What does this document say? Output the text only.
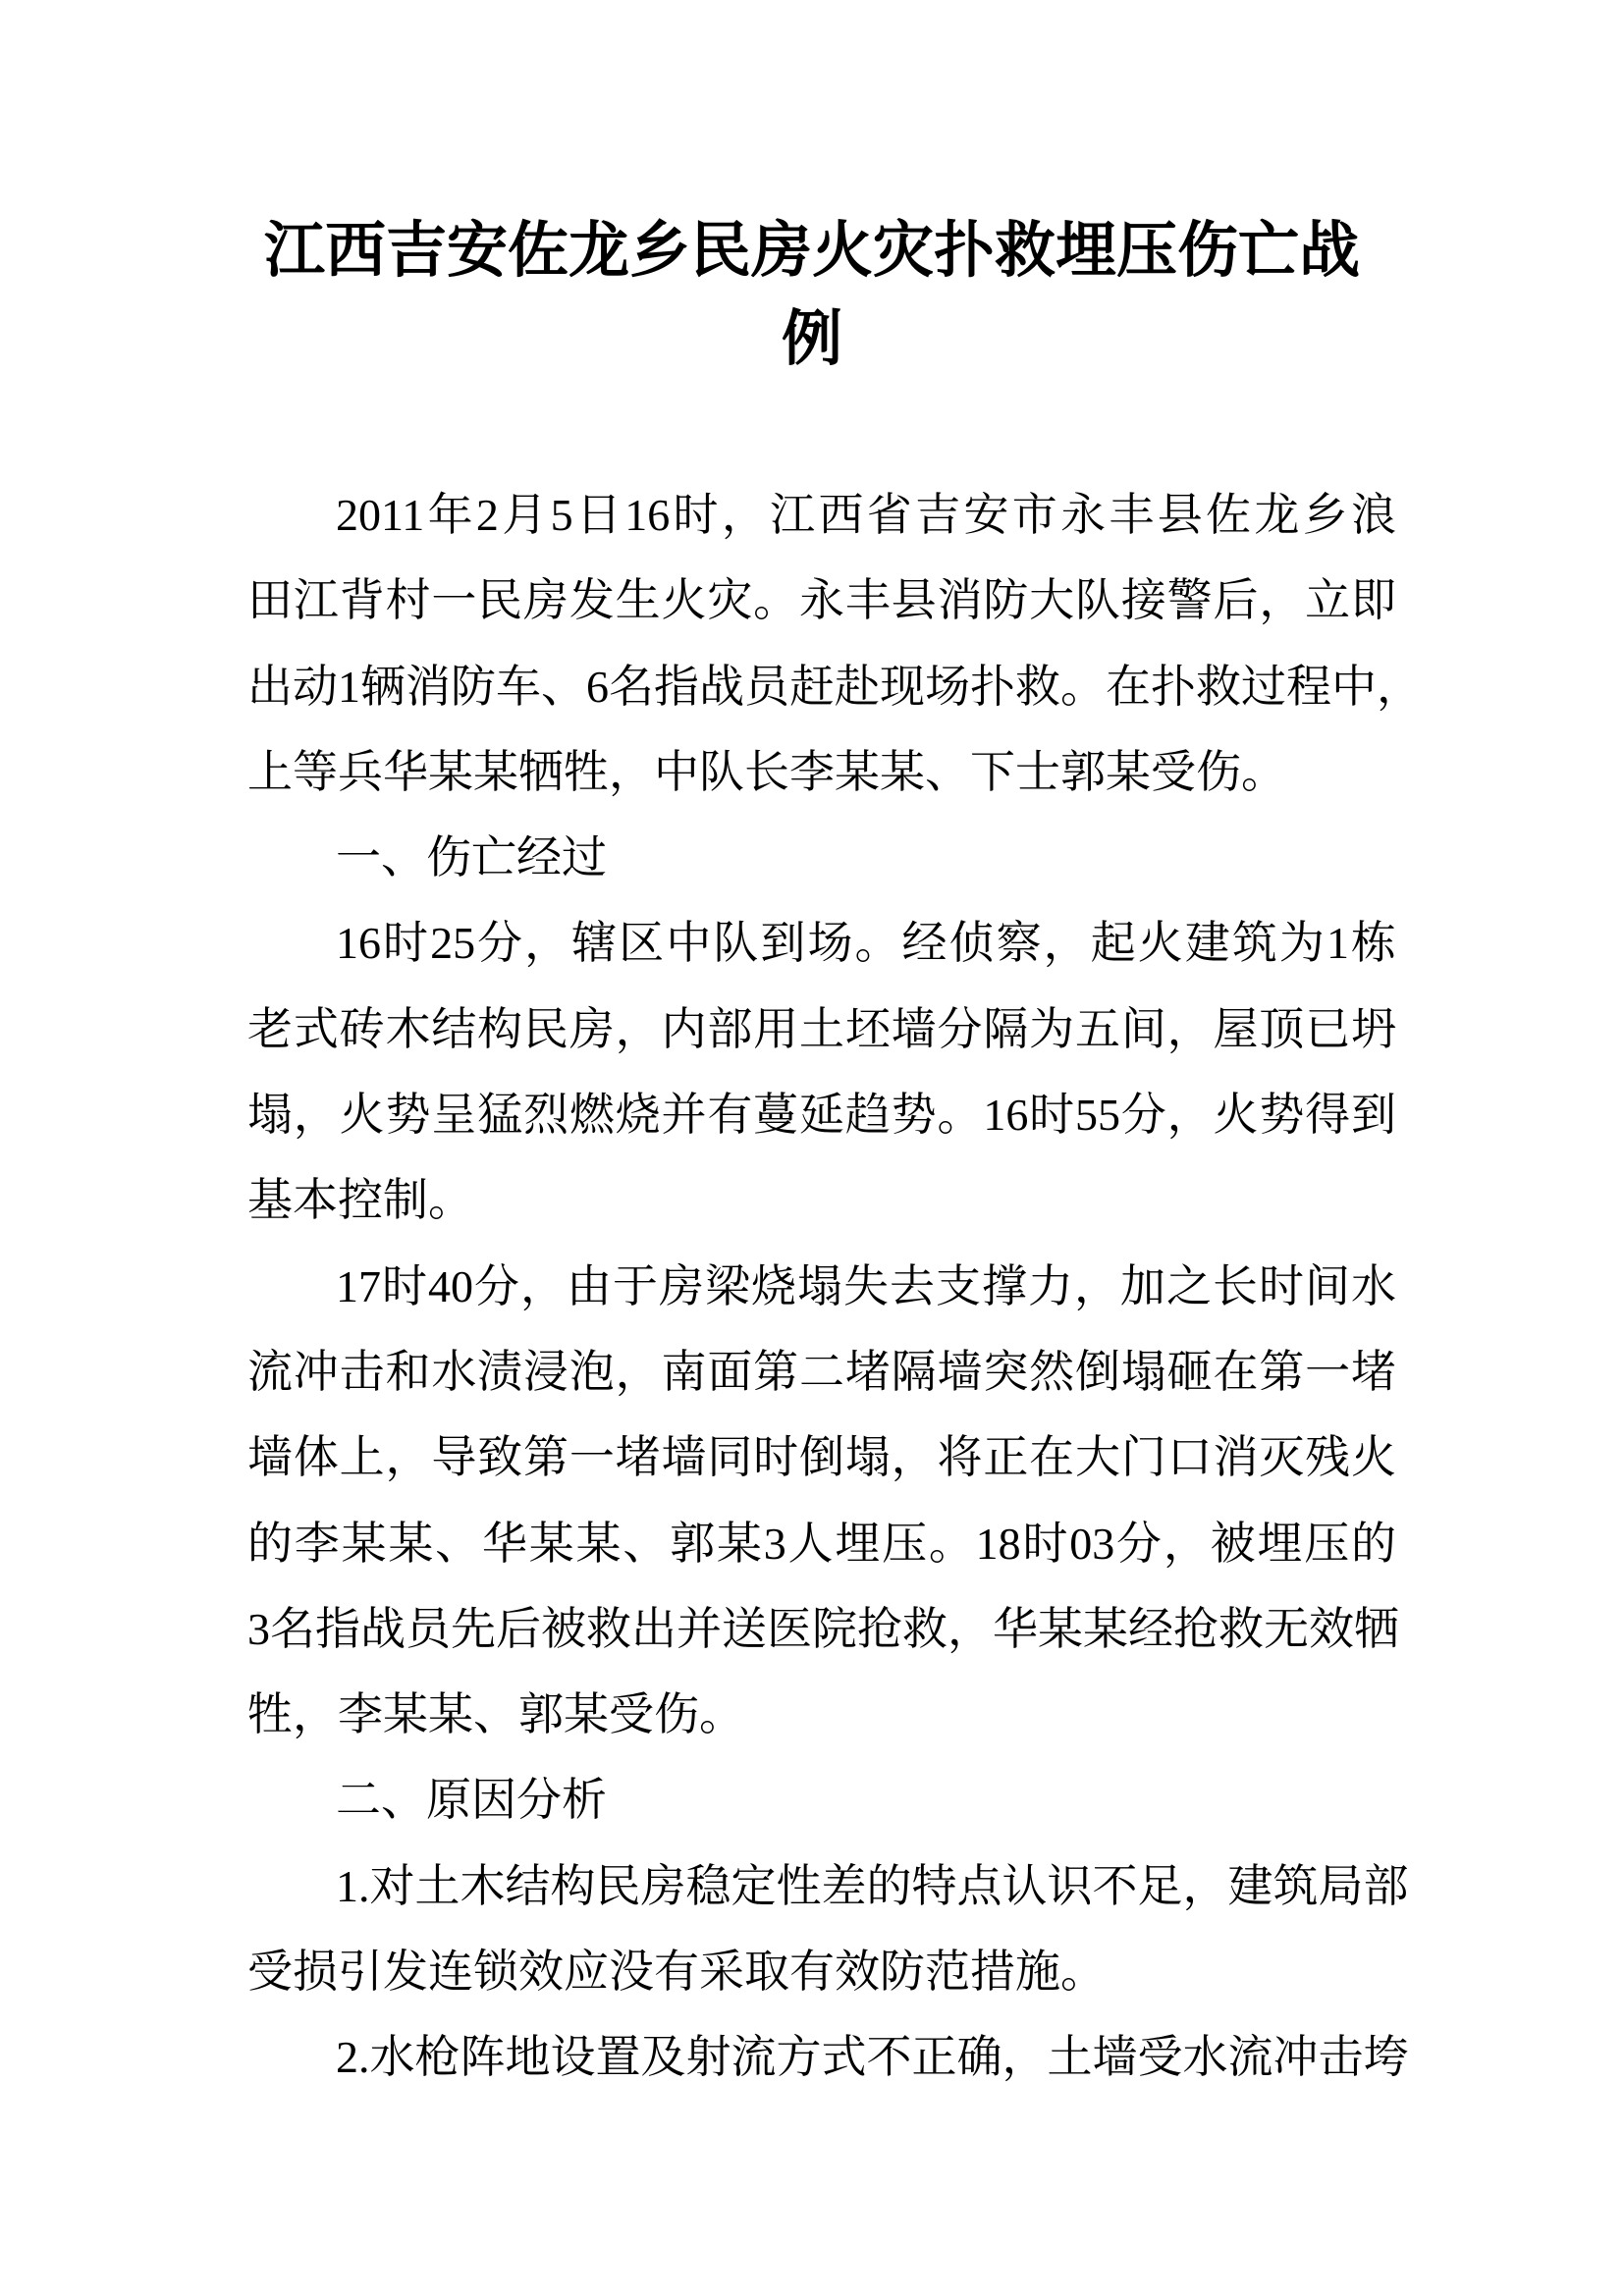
江西吉安佐龙乡民房火灾扑救埋压伤亡战
例
2011年2月5日16时，江西省吉安市永丰县佐龙乡浪
田江背村一民房发生火灾。永丰县消防大队接警后，立即
出动1辆消防车、6名指战员赶赴现场扑救。在扑救过程中，
上等兵华某某牺牲，中队长李某某、下士郭某受伤。
一、伤亡经过
16时25分，辖区中队到场。经侦察，起火建筑为1栋
老式砖木结构民房，内部用土坯墙分隔为五间，屋顶已坍
塌，火势呈猛烈燃烧并有蔓延趋势。16时55分，火势得到
基本控制。
17时40分，由于房梁烧塌失去支撑力，加之长时间水
流冲击和水渍浸泡，南面第二堵隔墙突然倒塌砸在第一堵
墙体上，导致第一堵墙同时倒塌，将正在大门口消灭残火
的李某某、华某某、郭某3人埋压。18时03分，被埋压的
3名指战员先后被救出并送医院抢救，华某某经抢救无效牺
牲，李某某、郭某受伤。
二、原因分析
1.对土木结构民房稳定性差的特点认识不足，建筑局部
受损引发连锁效应没有采取有效防范措施。
2.水枪阵地设置及射流方式不正确，土墙受水流冲击垮
